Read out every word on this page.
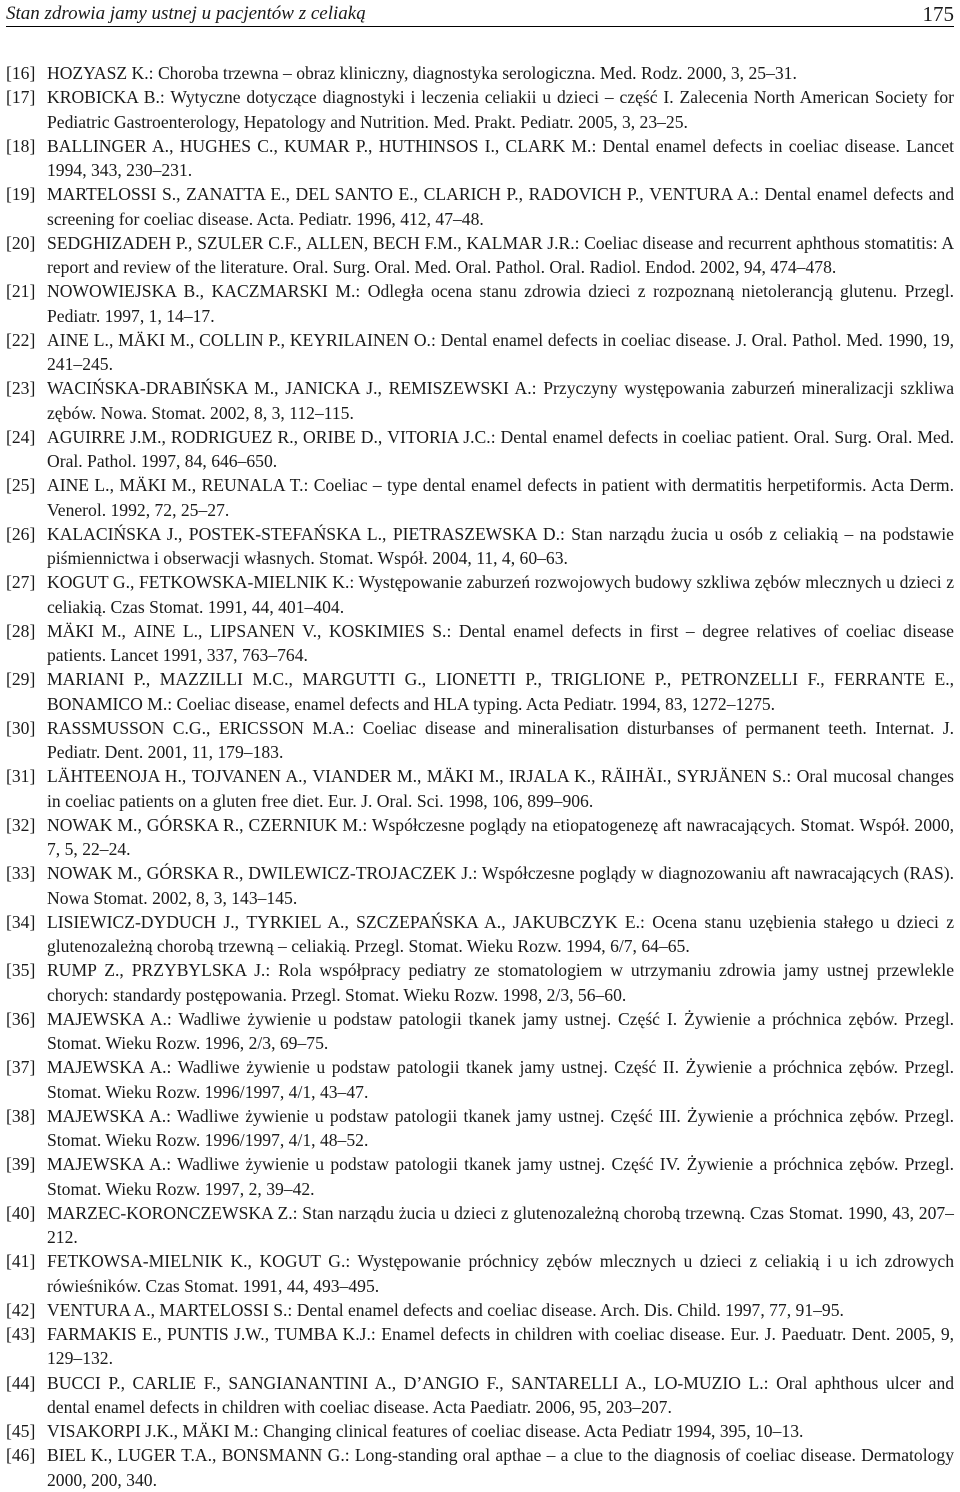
Stan zdrowia jamy ustnej u pacjentów z celiaką	175
[16] HOZYASZ K.: Choroba trzewna – obraz kliniczny, diagnostyka serologiczna. Med. Rodz. 2000, 3, 25–31.
[17] KROBICKA B.: Wytyczne dotyczące diagnostyki i leczenia celiakii u dzieci – część I. Zalecenia North American Society for Pediatric Gastroenterology, Hepatology and Nutrition. Med. Prakt. Pediatr. 2005, 3, 23–25.
[18] BALLINGER A., HUGHES C., KUMAR P., HUTHINSOS I., CLARK M.: Dental enamel defects in coeliac disease. Lancet 1994, 343, 230–231.
[19] MARTELOSSI S., ZANATTA E., DEL SANTO E., CLARICH P., RADOVICH P., VENTURA A.: Dental enamel defects and screening for coeliac disease. Acta. Pediatr. 1996, 412, 47–48.
[20] SEDGHIZADEH P., SZULER C.F., ALLEN, BECH F.M., KALMAR J.R.: Coeliac disease and recurrent aphthous stomatitis: A report and review of the literature. Oral. Surg. Oral. Med. Oral. Pathol. Oral. Radiol. Endod. 2002, 94, 474–478.
[21] NOWOWIEJSKA B., KACZMARSKI M.: Odległa ocena stanu zdrowia dzieci z rozpoznaną nietolerancją glutenu. Przegl. Pediatr. 1997, 1, 14–17.
[22] AINE L., MÄKI M., COLLIN P., KEYRILAINEN O.: Dental enamel defects in coeliac disease. J. Oral. Pathol. Med. 1990, 19, 241–245.
[23] WACIŃSKA-DRABIŃSKA M., JANICKA J., REMISZEWSKI A.: Przyczyny występowania zaburzeń mineralizacji szkliwa zębów. Nowa. Stomat. 2002, 8, 3, 112–115.
[24] AGUIRRE J.M., RODRIGUEZ R., ORIBE D., VITORIA J.C.: Dental enamel defects in coeliac patient. Oral. Surg. Oral. Med. Oral. Pathol. 1997, 84, 646–650.
[25] AINE L., MÄKI M., REUNALA T.: Coeliac – type dental enamel defects in patient with dermatitis herpetiformis. Acta Derm. Venerol. 1992, 72, 25–27.
[26] KALACIŃSKA J., POSTEK-STEFAŃSKA L., PIETRASZEWSKA D.: Stan narządu żucia u osób z celiakią – na podstawie piśmiennictwa i obserwacji własnych. Stomat. Współ. 2004, 11, 4, 60–63.
[27] KOGUT G., FETKOWSKA-MIELNIK K.: Występowanie zaburzeń rozwojowych budowy szkliwa zębów mlecznych u dzieci z celiakią. Czas Stomat. 1991, 44, 401–404.
[28] MÄKI M., AINE L., LIPSANEN V., KOSKIMIES S.: Dental enamel defects in first – degree relatives of coeliac disease patients. Lancet 1991, 337, 763–764.
[29] MARIANI P., MAZZILLI M.C., MARGUTTI G., LIONETTI P., TRIGLIONE P., PETRONZELLI F., FERRANTE E., BONAMICO M.: Coeliac disease, enamel defects and HLA typing. Acta Pediatr. 1994, 83, 1272–1275.
[30] RASSMUSSON C.G., ERICSSON M.A.: Coeliac disease and mineralisation disturbanses of permanent teeth. Internat. J. Pediatr. Dent. 2001, 11, 179–183.
[31] LÄHTEENOJA H., TOJVANEN A., VIANDER M., MÄKI M., IRJALA K., RÄIHÄI., SYRJÄNEN S.: Oral mucosal changes in coeliac patients on a gluten free diet. Eur. J. Oral. Sci. 1998, 106, 899–906.
[32] NOWAK M., GÓRSKA R., CZERNIUK M.: Współczesne poglądy na etiopatogenezę aft nawracających. Stomat. Współ. 2000, 7, 5, 22–24.
[33] NOWAK M., GÓRSKA R., DWILEWICZ-TROJACZEK J.: Współczesne poglądy w diagnozowaniu aft nawracających (RAS). Nowa Stomat. 2002, 8, 3, 143–145.
[34] LISIEWICZ-DYDUCH J., TYRKIEL A., SZCZEPAŃSKA A., JAKUBCZYK E.: Ocena stanu uzębienia stałego u dzieci z glutenozależną chorobą trzewną – celiakią. Przegl. Stomat. Wieku Rozw. 1994, 6/7, 64–65.
[35] RUMP Z., PRZYBYLSKA J.: Rola współpracy pediatry ze stomatologiem w utrzymaniu zdrowia jamy ustnej przewlekle chorych: standardy postępowania. Przegl. Stomat. Wieku Rozw. 1998, 2/3, 56–60.
[36] MAJEWSKA A.: Wadliwe żywienie u podstaw patologii tkanek jamy ustnej. Część I. Żywienie a próchnica zębów. Przegl. Stomat. Wieku Rozw. 1996, 2/3, 69–75.
[37] MAJEWSKA A.: Wadliwe żywienie u podstaw patologii tkanek jamy ustnej. Część II. Żywienie a próchnica zębów. Przegl. Stomat. Wieku Rozw. 1996/1997, 4/1, 43–47.
[38] MAJEWSKA A.: Wadliwe żywienie u podstaw patologii tkanek jamy ustnej. Część III. Żywienie a próchnica zębów. Przegl. Stomat. Wieku Rozw. 1996/1997, 4/1, 48–52.
[39] MAJEWSKA A.: Wadliwe żywienie u podstaw patologii tkanek jamy ustnej. Część IV. Żywienie a próchnica zębów. Przegl. Stomat. Wieku Rozw. 1997, 2, 39–42.
[40] MARZEC-KORONCZEWSKA Z.: Stan narządu żucia u dzieci z glutenozależną chorobą trzewną. Czas Stomat. 1990, 43, 207–212.
[41] FETKOWSA-MIELNIK K., KOGUT G.: Występowanie próchnicy zębów mlecznych u dzieci z celiakią i u ich zdrowych rówieśników. Czas Stomat. 1991, 44, 493–495.
[42] VENTURA A., MARTELOSSI S.: Dental enamel defects and coeliac disease. Arch. Dis. Child. 1997, 77, 91–95.
[43] FARMAKIS E., PUNTIS J.W., TUMBA K.J.: Enamel defects in children with coeliac disease. Eur. J. Paeduatr. Dent. 2005, 9, 129–132.
[44] BUCCI P., CARLIE F., SANGIANANTINI A., D’ANGIO F., SANTARELLI A., LO-MUZIO L.: Oral aphthous ulcer and dental enamel defects in children with coeliac disease. Acta Paediatr. 2006, 95, 203–207.
[45] VISAKORPI J.K., MÄKI M.: Changing clinical features of coeliac disease. Acta Pediatr 1994, 395, 10–13.
[46] BIEL K., LUGER T.A., BONSMANN G.: Long-standing oral apthae – a clue to the diagnosis of coeliac disease. Dermatology 2000, 200, 340.
